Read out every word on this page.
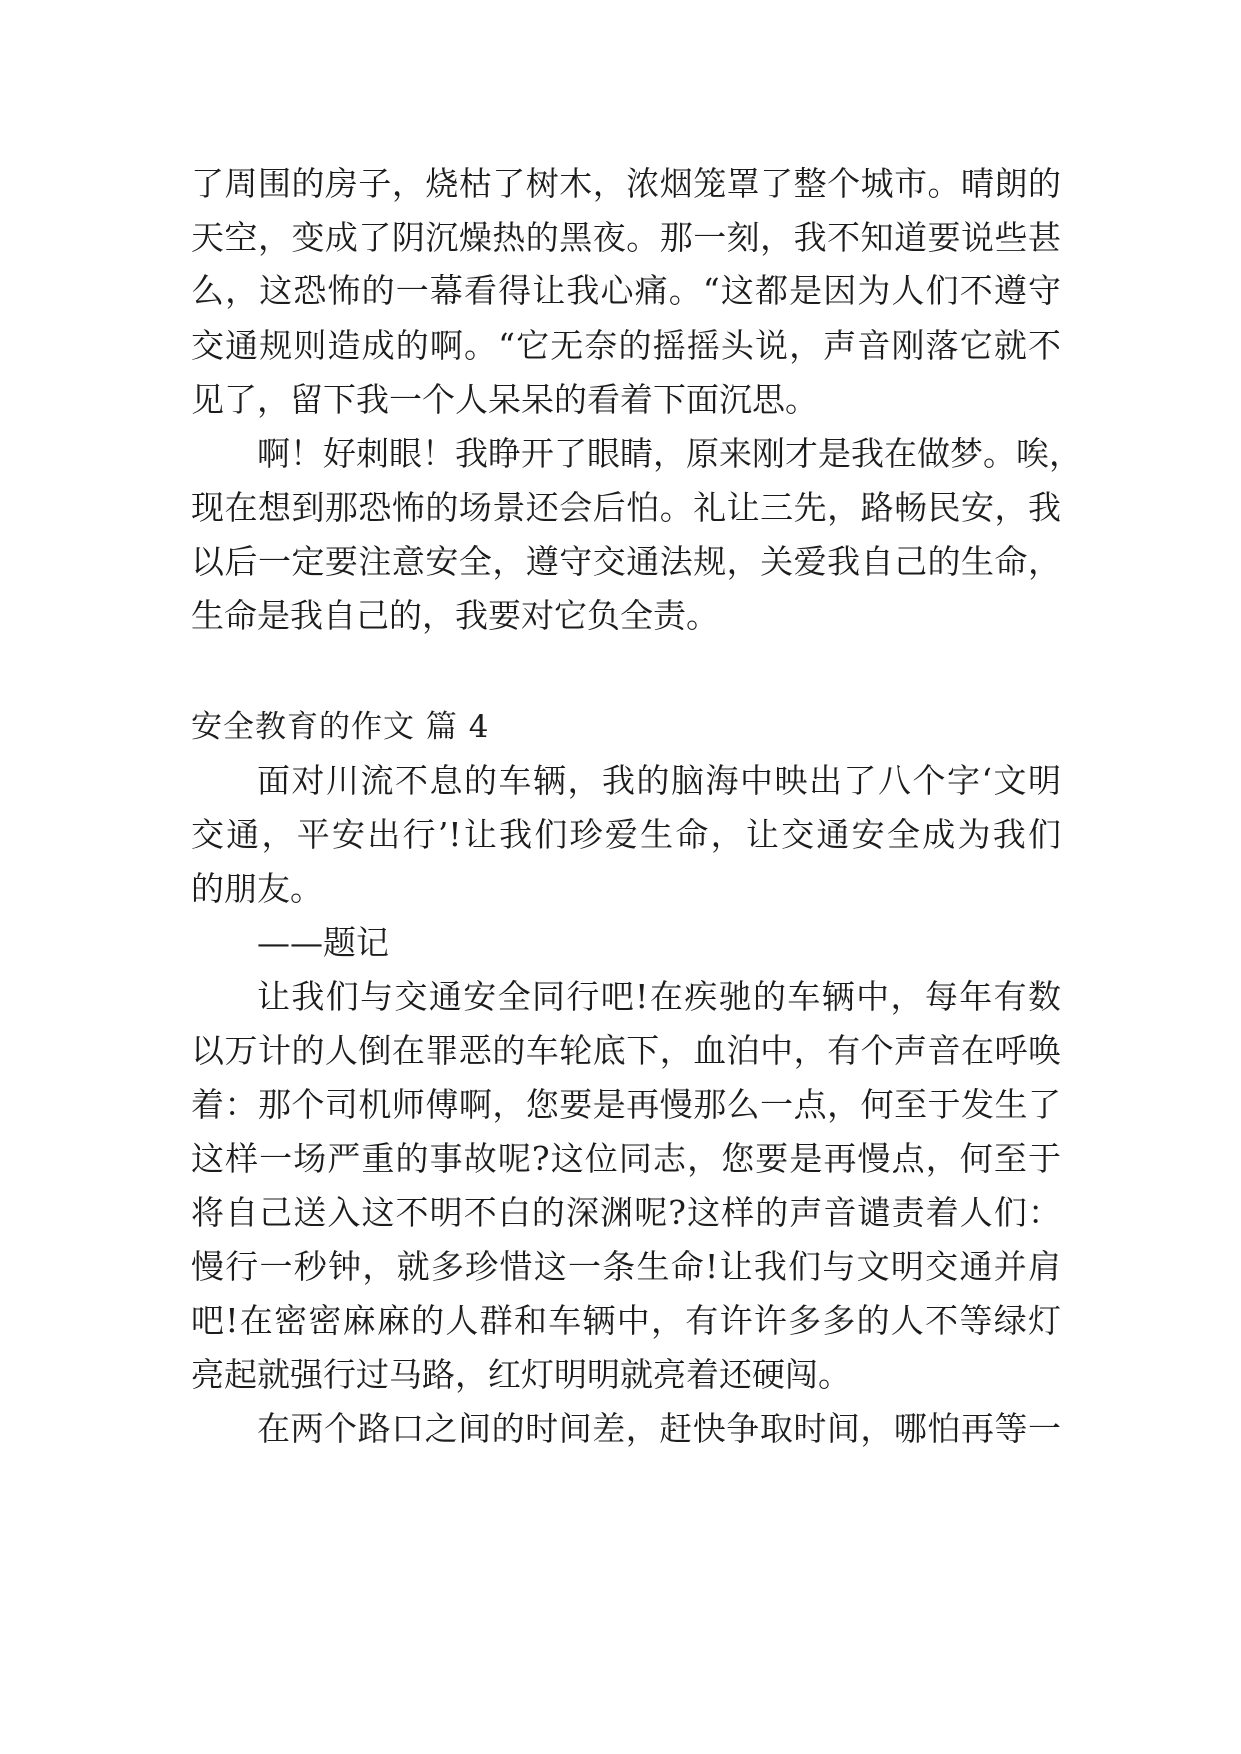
了周围的房子，烧枯了树木，浓烟笼罩了整个城市。晴朗的
天空，变成了阴沉燥热的黑夜。那一刻，我不知道要说些甚
么，这恐怖的一幕看得让我心痛。“这都是因为人们不遵守
交通规则造成的啊。“它无奈的摇摇头说，声音刚落它就不
见了，留下我一个人呆呆的看着下面沉思。
啊！好刺眼！我睁开了眼睛，原来刚才是我在做梦。唉，
现在想到那恐怖的场景还会后怕。礼让三先，路畅民安，我
以后一定要注意安全，遵守交通法规，关爱我自己的生命，
生命是我自己的，我要对它负全责。
安全教育的作文 篇 4
面对川流不息的车辆，我的脑海中映出了八个字‘文明
交通，平安出行’!让我们珍爱生命，让交通安全成为我们
的朋友。
——题记
让我们与交通安全同行吧!在疾驰的车辆中，每年有数
以万计的人倒在罪恶的车轮底下，血泊中，有个声音在呼唤
着：那个司机师傅啊，您要是再慢那么一点，何至于发生了
这样一场严重的事故呢?这位同志，您要是再慢点，何至于
将自己送入这不明不白的深渊呢?这样的声音谴责着人们：
慢行一秒钟，就多珍惜这一条生命!让我们与文明交通并肩
吧!在密密麻麻的人群和车辆中，有许许多多的人不等绿灯
亮起就强行过马路，红灯明明就亮着还硬闯。
在两个路口之间的时间差，赶快争取时间，哪怕再等一
